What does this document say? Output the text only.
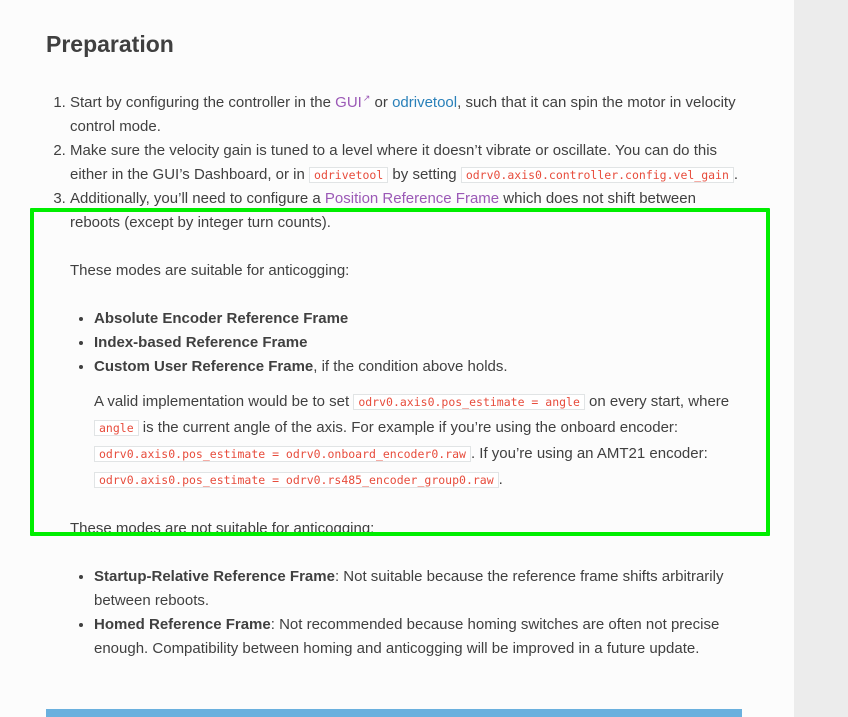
Preparation
1. Start by configuring the controller in the GUI↗ or odrivetool, such that it can spin the motor in velocity control mode.
2. Make sure the velocity gain is tuned to a level where it doesn’t vibrate or oscillate. You can do this either in the GUI’s Dashboard, or in odrivetool by setting odrv0.axis0.controller.config.vel_gain .

3. Additionally, you’ll need to configure a Position Reference Frame which does not shift between reboots (except by integer turn counts).

These modes are suitable for anticogging:

• Absolute Encoder Reference Frame
• Index-based Reference Frame
• Custom User Reference Frame, if the condition above holds.

A valid implementation would be to set odrv0.axis0.pos_estimate = angle on every start, where angle is the current angle of the axis. For example if you’re using the onboard encoder: odrv0.axis0.pos_estimate = odrv0.onboard_encoder0.raw . If you’re using an AMT21 encoder: odrv0.axis0.pos_estimate = odrv0.rs485_encoder_group0.raw .

These modes are not suitable for anticogging:

• Startup-Relative Reference Frame: Not suitable because the reference frame shifts arbitrarily between reboots.
• Homed Reference Frame: Not recommended because homing switches are often not precise enough. Compatibility between homing and anticogging will be improved in a future update.
